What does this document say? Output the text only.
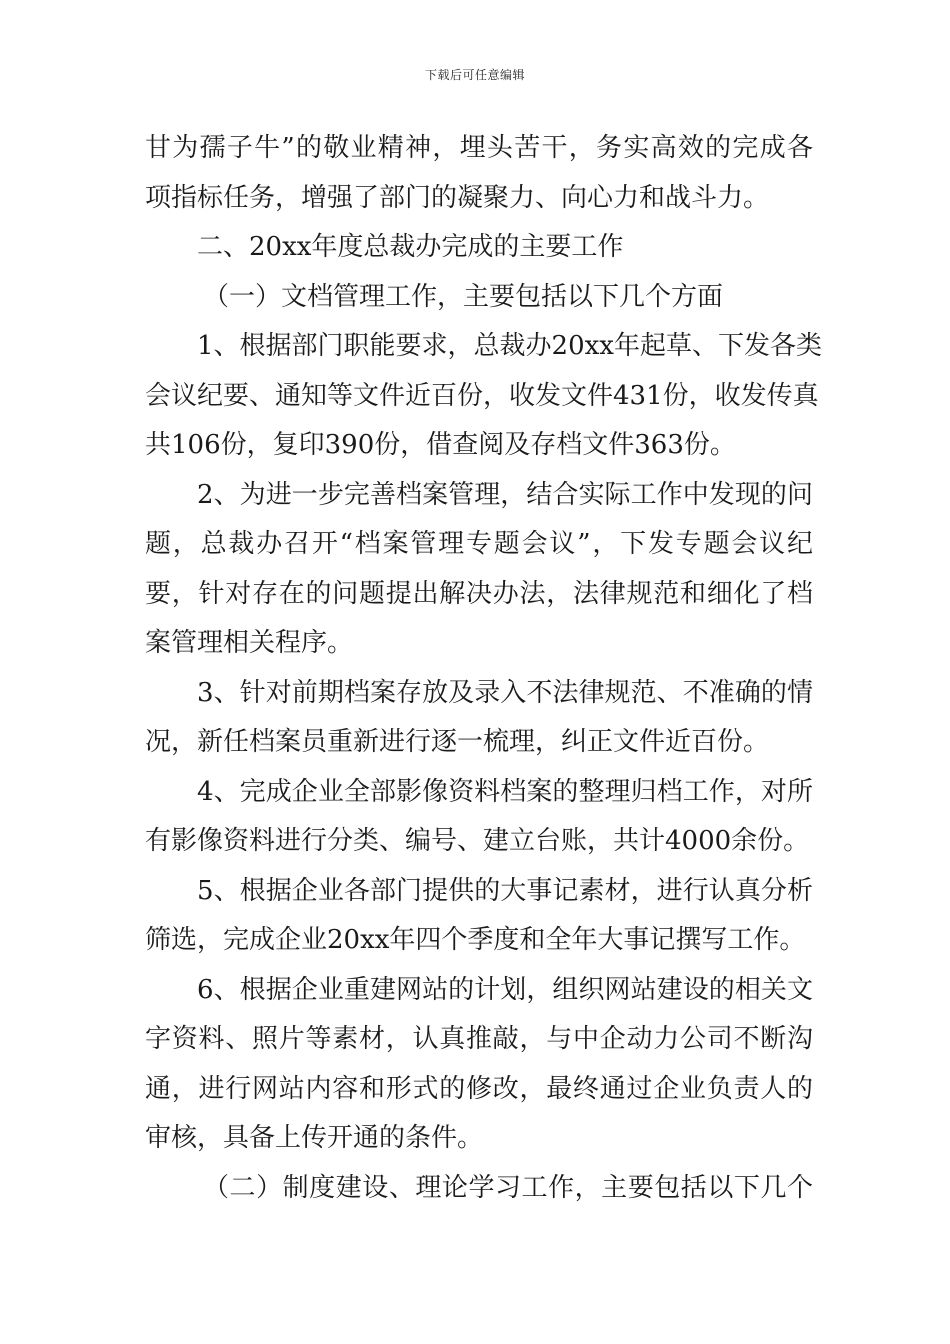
下载后可任意编辑
甘为孺子牛”的敬业精神，埋头苦干，务实高效的完成各
项指标任务，增强了部门的凝聚力、向心力和战斗力。
二、20xx年度总裁办完成的主要工作
（一）文档管理工作，主要包括以下几个方面
1、根据部门职能要求，总裁办20xx年起草、下发各类
会议纪要、通知等文件近百份，收发文件431份，收发传真
共106份，复印390份，借查阅及存档文件363份。
2、为进一步完善档案管理，结合实际工作中发现的问
题，总裁办召开“档案管理专题会议”，下发专题会议纪
要，针对存在的问题提出解决办法，法律规范和细化了档
案管理相关程序。
3、针对前期档案存放及录入不法律规范、不准确的情
况，新任档案员重新进行逐一梳理，纠正文件近百份。
4、完成企业全部影像资料档案的整理归档工作，对所
有影像资料进行分类、编号、建立台账，共计4000余份。
5、根据企业各部门提供的大事记素材，进行认真分析
筛选，完成企业20xx年四个季度和全年大事记撰写工作。
6、根据企业重建网站的计划，组织网站建设的相关文
字资料、照片等素材，认真推敲，与中企动力公司不断沟
通，进行网站内容和形式的修改，最终通过企业负责人的
审核，具备上传开通的条件。
（二）制度建设、理论学习工作，主要包括以下几个
